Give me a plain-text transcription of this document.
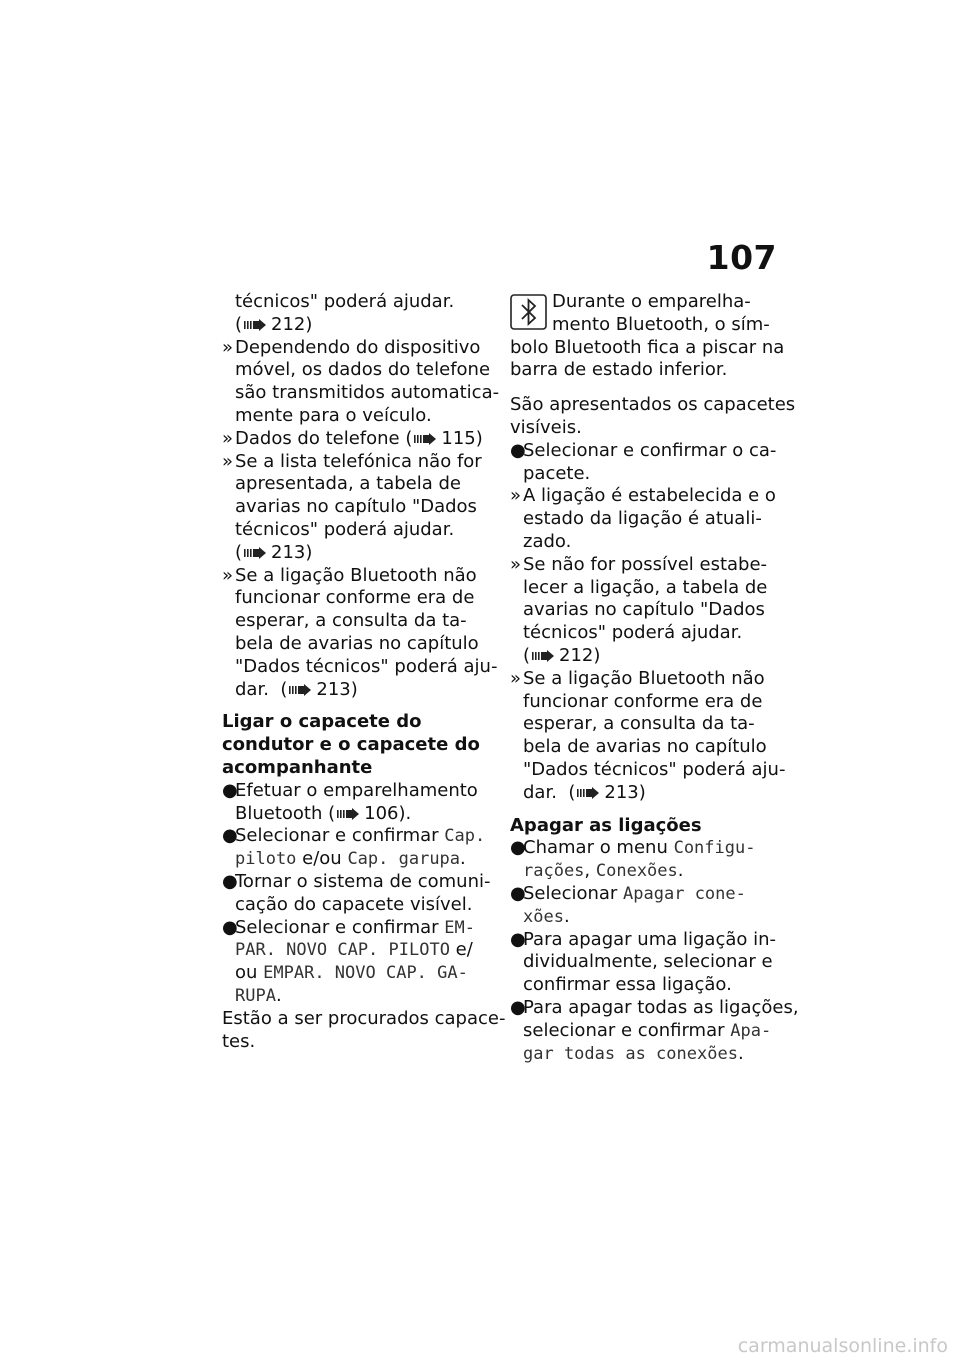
107
técnicos" poderá ajudar.
( 212)
» Dependendo do dispositivo
móvel, os dados do telefone
são transmitidos automatica-
mente para o veículo.
» Dados do telefone ( 115)
» Se a lista telefónica não for
apresentada, a tabela de
avarias no capítulo "Dados
técnicos" poderá ajudar.
( 213)
» Se a ligação Bluetooth não
funcionar conforme era de
esperar, a consulta da ta-
bela de avarias no capítulo
"Dados técnicos" poderá aju-
dar.  ( 213)
Ligar o capacete do
condutor e o capacete do
acompanhante
●Efetuar o emparelhamento
Bluetooth ( 106).
●Selecionar e confirmar Cap.
piloto e/ou Cap. garupa.
●Tornar o sistema de comuni-
cação do capacete visível.
●Selecionar e confirmar EM-
PAR. NOVO CAP. PILOTO e/
ou EMPAR. NOVO CAP. GA-
RUPA.
Estão a ser procurados capace-
tes.
Durante o emparelha-
mento Bluetooth, o sím-
bolo Bluetooth fica a piscar na
barra de estado inferior.
São apresentados os capacetes
visíveis.
●Selecionar e confirmar o ca-
pacete.
» A ligação é estabelecida e o
estado da ligação é atuali-
zado.
» Se não for possível estabe-
lecer a ligação, a tabela de
avarias no capítulo "Dados
técnicos" poderá ajudar.
( 212)
» Se a ligação Bluetooth não
funcionar conforme era de
esperar, a consulta da ta-
bela de avarias no capítulo
"Dados técnicos" poderá aju-
dar.  ( 213)
Apagar as ligações
●Chamar o menu Configu-
rações, Conexões.
●Selecionar Apagar cone-
xões.
●Para apagar uma ligação in-
dividualmente, selecionar e
confirmar essa ligação.
●Para apagar todas as ligações,
selecionar e confirmar Apa-
gar todas as conexões.
carmanualsonline.info
